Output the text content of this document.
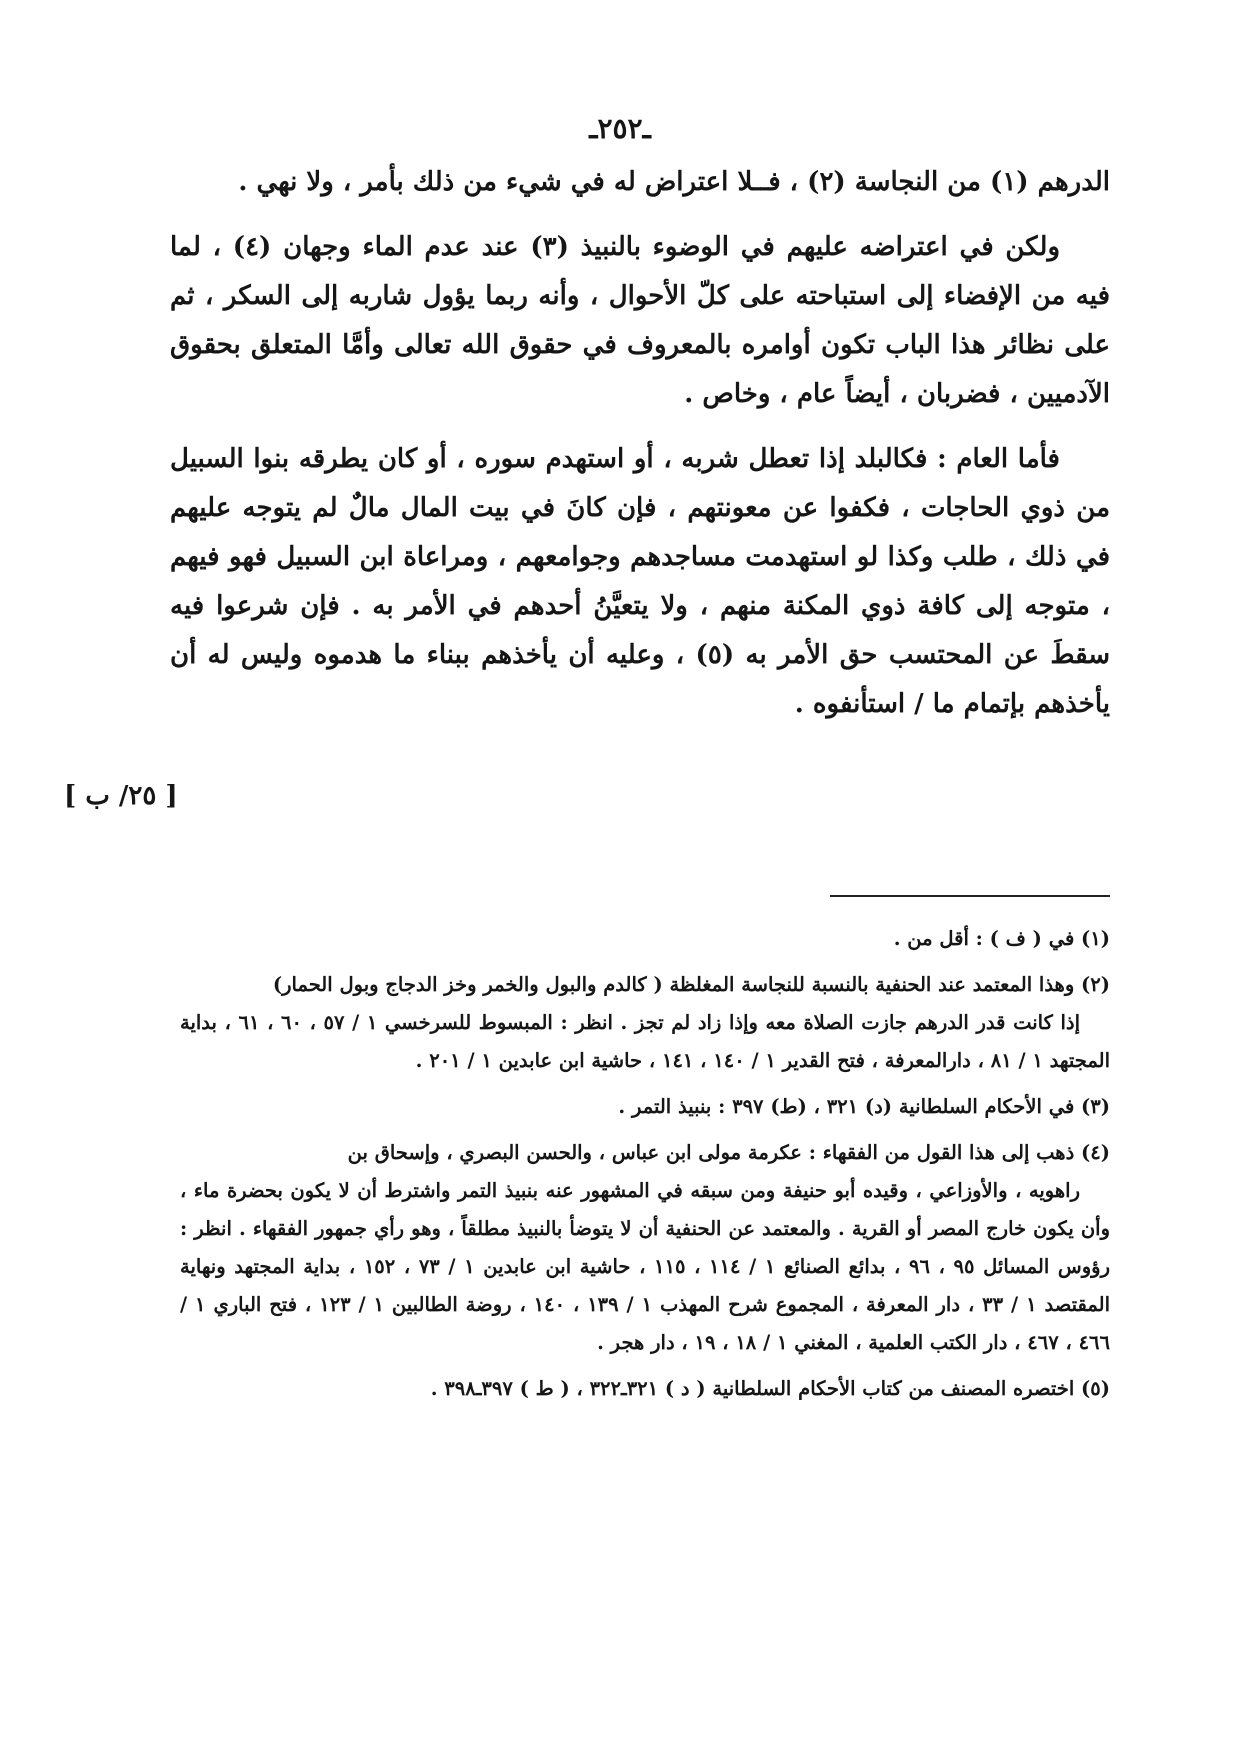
ـ٢٥٢ـ

الدرهم (١) من النجاسة (٢) ، فــلا اعتراض له في شيء من ذلك بأمر ، ولا نهي .

ولكن في اعتراضه عليهم في الوضوء بالنبيذ (٣) عند عدم الماء وجهان (٤) ، لما فيه من الإفضاء إلى استباحته على كلّ الأحوال ، وأنه ربما يؤول شاربه إلى السكر ، ثم على نظائر هذا الباب تكون أوامره بالمعروف في حقوق الله تعالى وأمَّا المتعلق بحقوق الآدميين ، فضربان ، أيضاً عام ، وخاص .

فأما العام : فكالبلد إذا تعطل شربه ، أو استهدم سوره ، أو كان يطرقه بنوا السبيل من ذوي الحاجات ، فكفوا عن معونتهم ، فإن كانَ في بيت المال مالٌ لم يتوجه عليهم في ذلك ، طلب وكذا لو استهدمت مساجدهم وجوامعهم ، ومراعاة ابن السبيل فهو فيهم ، متوجه إلى كافة ذوي المكنة منهم ، ولا يتعيَّنُ أحدهم في الأمر به . فإن شرعوا فيه سقطَ عن المحتسب حق الأمر به (٥) ، وعليه أن يأخذهم ببناء ما هدموه وليس له أن يأخذهم بإتمام ما / استأنفوه .

[ ٢٥/ ب ]

(١) في ( ف ) : أقل من .

(٢) وهذا المعتمد عند الحنفية بالنسبة للنجاسة المغلظة ( كالدم والبول والخمر وخز الدجاج وبول الحمار)
إذا كانت قدر الدرهم جازت الصلاة معه وإذا زاد لم تجز . انظر : المبسوط للسرخسي ١ / ٥٧ ، ٦٠ ، ٦١ ، بداية المجتهد ١ / ٨١ ، دارالمعرفة ، فتح القدير ١ / ١٤٠ ، ١٤١ ، حاشية ابن عابدين ١ / ٢٠١ .

(٣) في الأحكام السلطانية (د) ٣٢١ ، (ط) ٣٩٧ : بنبيذ التمر .

(٤) ذهب إلى هذا القول من الفقهاء : عكرمة مولى ابن عباس ، والحسن البصري ، وإسحاق بن
راهويه ، والأوزاعي ، وقيده أبو حنيفة ومن سبقه في المشهور عنه بنبيذ التمر واشترط أن لا يكون بحضرة ماء ، وأن يكون خارج المصر أو القرية . والمعتمد عن الحنفية أن لا يتوضأ بالنبيذ مطلقاً ، وهو رأي جمهور الفقهاء . انظر : رؤوس المسائل ٩٥ ، ٩٦ ، بدائع الصنائع ١ / ١١٤ ، ١١٥ ، حاشية ابن عابدين ١ / ٧٣ ، ١٥٢ ، بداية المجتهد ونهاية المقتصد ١ / ٣٣ ، دار المعرفة ، المجموع شرح المهذب ١ / ١٣٩ ، ١٤٠ ، روضة الطالبين ١ / ١٢٣ ، فتح الباري ١ / ٤٦٦ ، ٤٦٧ ، دار الكتب العلمية ، المغني ١ / ١٨ ، ١٩ ، دار هجر .

(٥) اختصره المصنف من كتاب الأحكام السلطانية ( د ) ٣٢١ـ٣٢٢ ، ( ط ) ٣٩٧ـ٣٩٨ .
